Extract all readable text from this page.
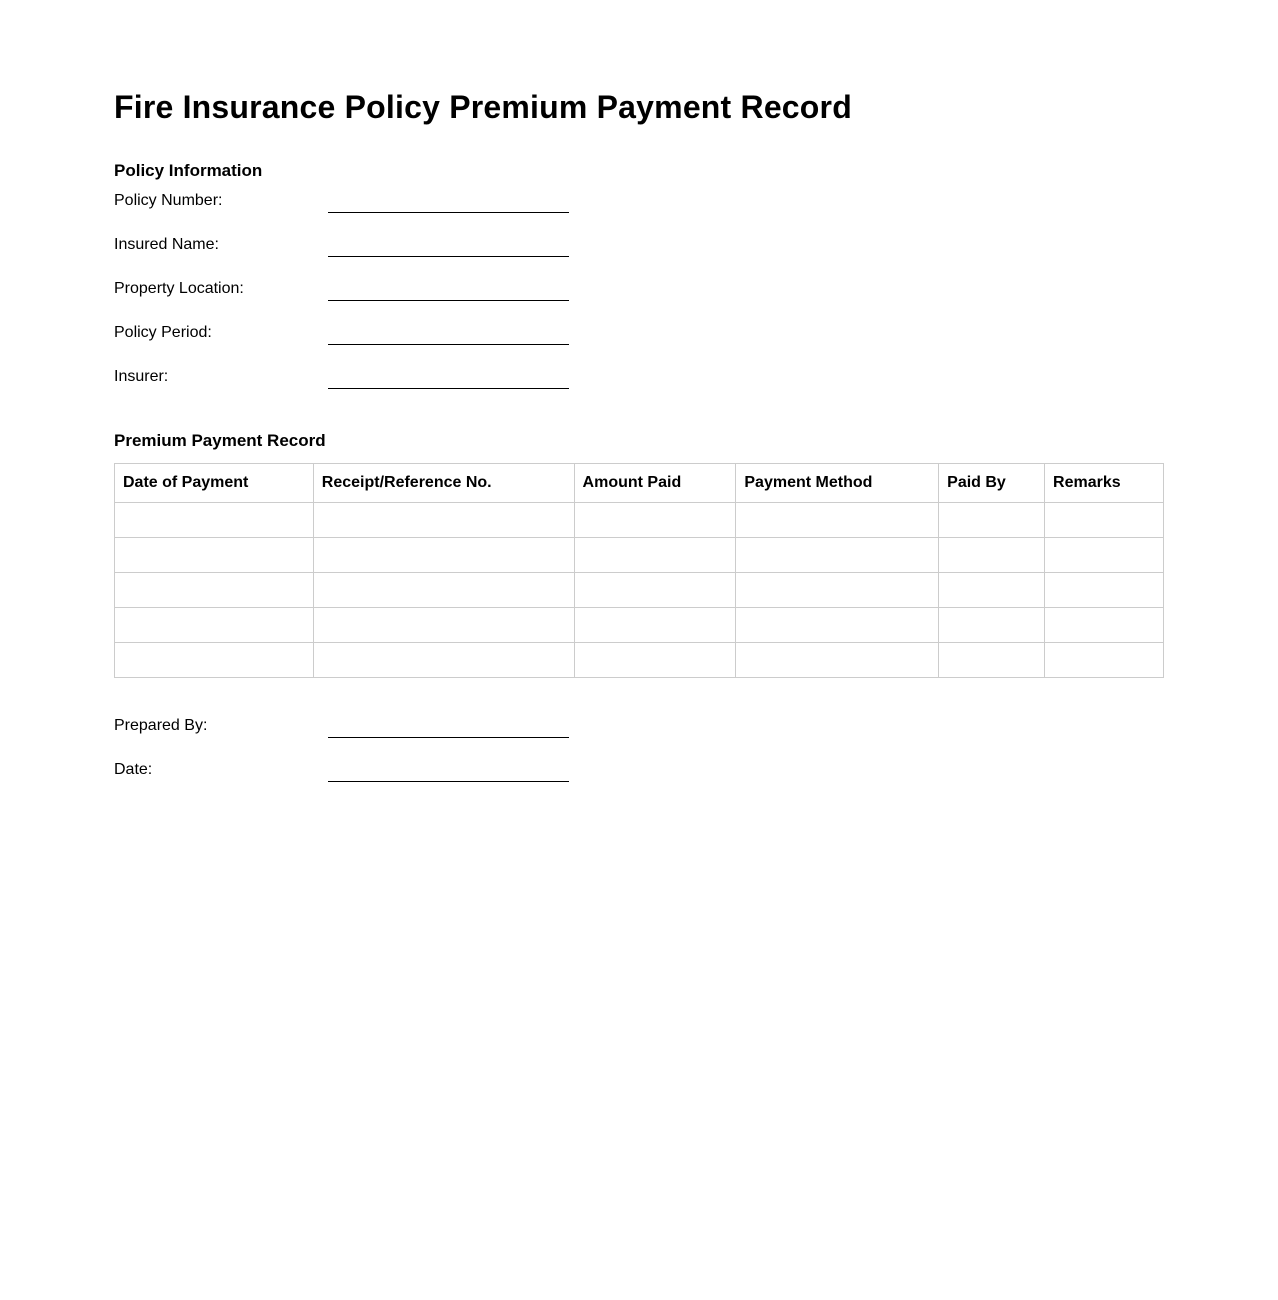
Fire Insurance Policy Premium Payment Record
Policy Information
Policy Number:
Insured Name:
Property Location:
Policy Period:
Insurer:
Premium Payment Record
Date of Payment	Receipt/Reference No.	Amount Paid	Payment Method	Paid By	Remarks

Prepared By:
Date:
